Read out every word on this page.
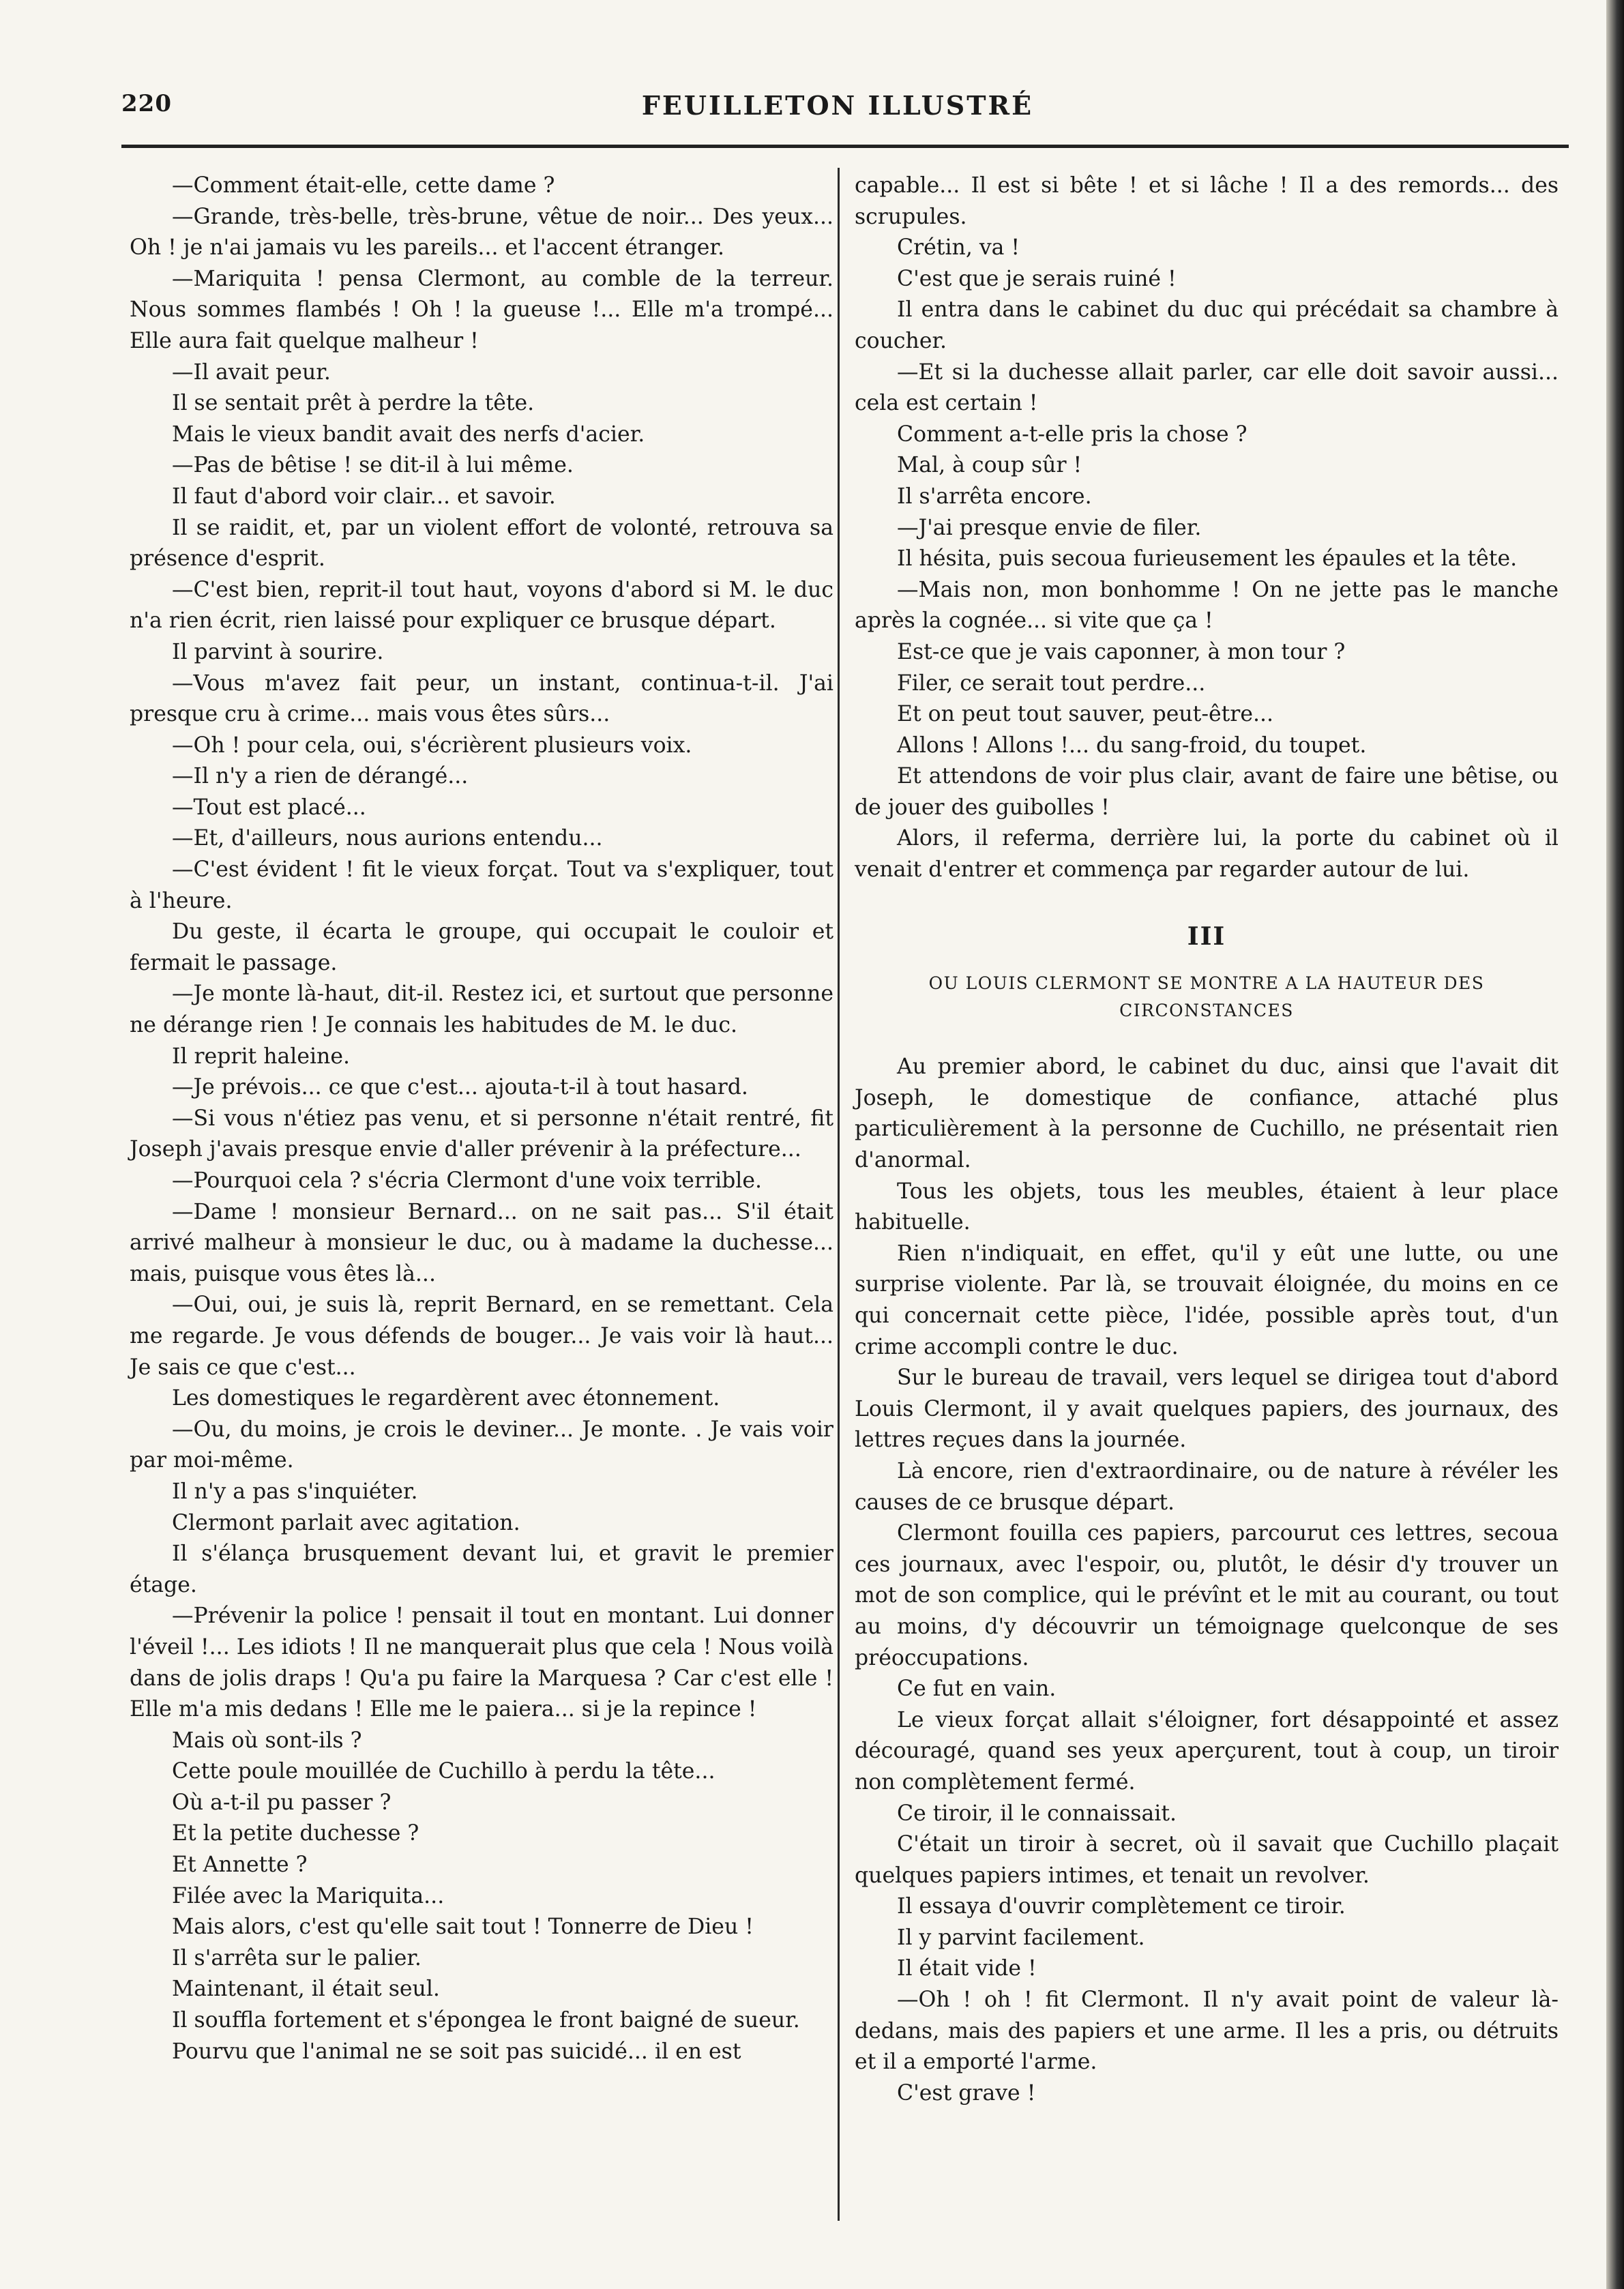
220	FEUILLETON ILLUSTRÉ

—Comment était-elle, cette dame ?

—Grande, très-belle, très-brune, vêtue de noir... Des yeux... Oh ! je n'ai jamais vu les pareils... et l'accent étranger.

—Mariquita ! pensa Clermont, au comble de la terreur. Nous sommes flambés ! Oh ! la gueuse !... Elle m'a trompé... Elle aura fait quelque malheur !

—Il avait peur.

Il se sentait prêt à perdre la tête.

Mais le vieux bandit avait des nerfs d'acier.

—Pas de bêtise ! se dit-il à lui même.

Il faut d'abord voir clair... et savoir.

Il se raidit, et, par un violent effort de volonté, retrouva sa présence d'esprit.

—C'est bien, reprit-il tout haut, voyons d'abord si M. le duc n'a rien écrit, rien laissé pour expliquer ce brusque départ.

Il parvint à sourire.

—Vous m'avez fait peur, un instant, continua-t-il. J'ai presque cru à crime... mais vous êtes sûrs...

—Oh ! pour cela, oui, s'écrièrent plusieurs voix.

—Il n'y a rien de dérangé...

—Tout est placé...

—Et, d'ailleurs, nous aurions entendu...

—C'est évident ! fit le vieux forçat. Tout va s'expliquer, tout à l'heure.

Du geste, il écarta le groupe, qui occupait le couloir et fermait le passage.

—Je monte là-haut, dit-il. Restez ici, et surtout que personne ne dérange rien ! Je connais les habitudes de M. le duc.

Il reprit haleine.

—Je prévois... ce que c'est... ajouta-t-il à tout hasard.

—Si vous n'étiez pas venu, et si personne n'était rentré, fit Joseph j'avais presque envie d'aller prévenir à la préfecture...

—Pourquoi cela ? s'écria Clermont d'une voix terrible.

—Dame ! monsieur Bernard... on ne sait pas... S'il était arrivé malheur à monsieur le duc, ou à madame la duchesse... mais, puisque vous êtes là...

—Oui, oui, je suis là, reprit Bernard, en se remettant. Cela me regarde. Je vous défends de bouger... Je vais voir là haut... Je sais ce que c'est...

Les domestiques le regardèrent avec étonnement.

—Ou, du moins, je crois le deviner... Je monte. . Je vais voir par moi-même.

Il n'y a pas s'inquiéter.

Clermont parlait avec agitation.

Il s'élança brusquement devant lui, et gravit le premier étage.

—Prévenir la police ! pensait il tout en montant. Lui donner l'éveil !... Les idiots ! Il ne manquerait plus que cela ! Nous voilà dans de jolis draps ! Qu'a pu faire la Marquesa ? Car c'est elle ! Elle m'a mis dedans ! Elle me le paiera... si je la repince !

Mais où sont-ils ?

Cette poule mouillée de Cuchillo à perdu la tête...

Où a-t-il pu passer ?

Et la petite duchesse ?

Et Annette ?

Filée avec la Mariquita...

Mais alors, c'est qu'elle sait tout ! Tonnerre de Dieu !

Il s'arrêta sur le palier.

Maintenant, il était seul.

Il souffla fortement et s'épongea le front baigné de sueur.

Pourvu que l'animal ne se soit pas suicidé... il en est

capable... Il est si bête ! et si lâche ! Il a des remords... des scrupules.

Crétin, va !

C'est que je serais ruiné !

Il entra dans le cabinet du duc qui précédait sa chambre à coucher.

—Et si la duchesse allait parler, car elle doit savoir aussi... cela est certain !

Comment a-t-elle pris la chose ?

Mal, à coup sûr !

Il s'arrêta encore.

—J'ai presque envie de filer.

Il hésita, puis secoua furieusement les épaules et la tête.

—Mais non, mon bonhomme ! On ne jette pas le manche après la cognée... si vite que ça !

Est-ce que je vais caponner, à mon tour ?

Filer, ce serait tout perdre...

Et on peut tout sauver, peut-être...

Allons ! Allons !... du sang-froid, du toupet.

Et attendons de voir plus clair, avant de faire une bêtise, ou de jouer des guibolles !

Alors, il referma, derrière lui, la porte du cabinet où il venait d'entrer et commença par regarder autour de lui.

III
OU LOUIS CLERMONT SE MONTRE A LA HAUTEUR DES CIRCONSTANCES

Au premier abord, le cabinet du duc, ainsi que l'avait dit Joseph, le domestique de confiance, attaché plus particulièrement à la personne de Cuchillo, ne présentait rien d'anormal.

Tous les objets, tous les meubles, étaient à leur place habituelle.

Rien n'indiquait, en effet, qu'il y eût une lutte, ou une surprise violente. Par là, se trouvait éloignée, du moins en ce qui concernait cette pièce, l'idée, possible après tout, d'un crime accompli contre le duc.

Sur le bureau de travail, vers lequel se dirigea tout d'abord Louis Clermont, il y avait quelques papiers, des journaux, des lettres reçues dans la journée.

Là encore, rien d'extraordinaire, ou de nature à révéler les causes de ce brusque départ.

Clermont fouilla ces papiers, parcourut ces lettres, secoua ces journaux, avec l'espoir, ou, plutôt, le désir d'y trouver un mot de son complice, qui le prévînt et le mit au courant, ou tout au moins, d'y découvrir un témoignage quelconque de ses préoccupations.

Ce fut en vain.

Le vieux forçat allait s'éloigner, fort désappointé et assez découragé, quand ses yeux aperçurent, tout à coup, un tiroir non complètement fermé.

Ce tiroir, il le connaissait.

C'était un tiroir à secret, où il savait que Cuchillo plaçait quelques papiers intimes, et tenait un revolver.

Il essaya d'ouvrir complètement ce tiroir.

Il y parvint facilement.

Il était vide !

—Oh ! oh ! fit Clermont. Il n'y avait point de valeur là-dedans, mais des papiers et une arme. Il les a pris, ou détruits et il a emporté l'arme.

C'est grave !
